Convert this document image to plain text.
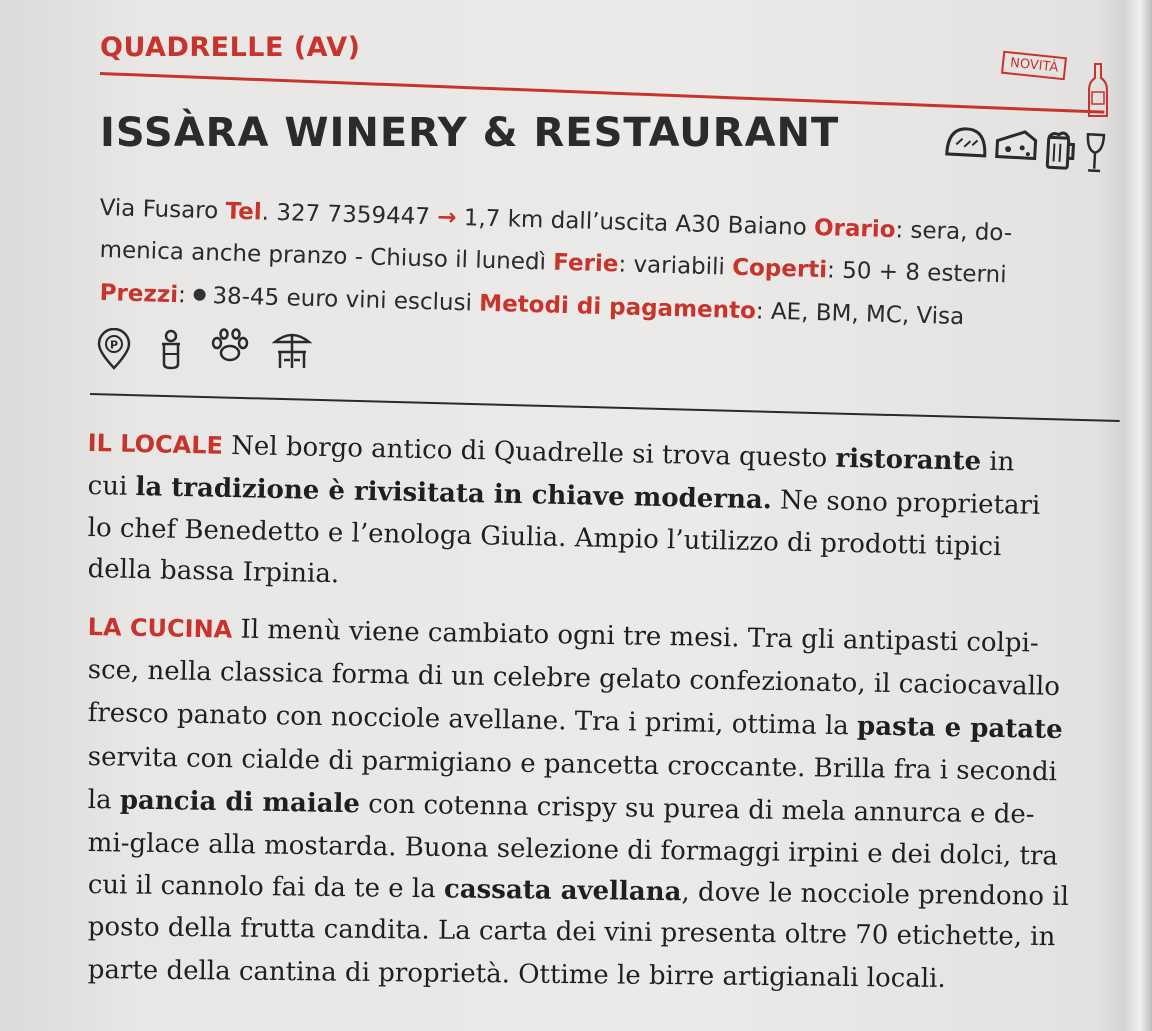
QUADRELLE (AV)
NOVITÀ
ISSÀRA WINERY & RESTAURANT
Via Fusaro Tel. 327 7359447 → 1,7 km dall’uscita A30 Baiano Orario: sera, do-
menica anche pranzo - Chiuso il lunedì Ferie: variabili Coperti: 50 + 8 esterni
Prezzi:  38-45 euro vini esclusi Metodi di pagamento: AE, BM, MC, Visa
P
IL LOCALE Nel borgo antico di Quadrelle si trova questo ristorante in
cui la tradizione è rivisitata in chiave moderna. Ne sono proprietari
lo chef Benedetto e l’enologa Giulia. Ampio l’utilizzo di prodotti tipici
della bassa Irpinia.
LA CUCINA Il menù viene cambiato ogni tre mesi. Tra gli antipasti colpi-
sce, nella classica forma di un celebre gelato confezionato, il caciocavallo
fresco panato con nocciole avellane. Tra i primi, ottima la pasta e patate
servita con cialde di parmigiano e pancetta croccante. Brilla fra i secondi
la pancia di maiale con cotenna crispy su purea di mela annurca e de-
mi-glace alla mostarda. Buona selezione di formaggi irpini e dei dolci, tra
cui il cannolo fai da te e la cassata avellana, dove le nocciole prendono il
posto della frutta candita. La carta dei vini presenta oltre 70 etichette, in
parte della cantina di proprietà. Ottime le birre artigianali locali.
